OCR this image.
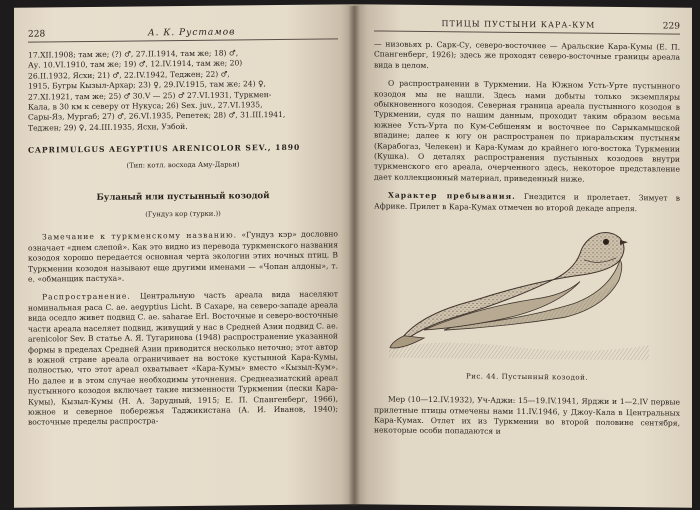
228	А. К. Рустамов

17.XII.1908; там же; (?) ♂, 27.II.1914, там же; 18) ♂,

Ау. 10.VI.1910, там же; 19) ♂, 12.IV.1914, там же; 20)

26.II.1932, Ясхи; 21) ♂, 22.IV.1942, Теджен; 22) ♂,

1915, Бугры Кызыл-Архар; 23) ♀, 29.IV.1915, там же; 24) ♀,

27.XI.1921, там же; 25) ♂ 30.V — 25) ♂ 27.VI.1931, Туркмен-

Кала, в 30 км к северу от Нукуса; 26) Sex. juv., 27.VI.1935,

Сары-Яз, Мургаб; 27) ♂, 26.VI.1935, Репетек; 28) ♂, 31.III.1941,

Теджен; 29) ♀, 24.III.1935, Ясхи, Узбой.

CAPRIMULGUS AEGYPTIUS ARENICOLOR SEV., 1890

(Тип: котл. восхода Аму-Дарьи)

Буланый или пустынный козодой

(Гундуз кор (турки.))

Замечание к туркменскому названию. «Гундуз кэр» дословно означает «днем слепой». Как это видно из перевода туркменского названия козодоя хорошо передается основная черта экологии этих ночных птиц. В Туркмении козодоя называют еще другими именами — «Чопан алдоны», т. е. «обманщик пастуха».

Распространение. Центральную часть ареала вида населяют номинальная раса C. ae. aegyptius Licht. В Сахаре, на северо-западе ареала вида оседло живет подвид C. ae. saharae Erl. Восточные и северо-восточные части ареала населяет подвид, живущий у нас в Средней Азии подвид C. ae. arenicolor Sev. В статье А. Я. Тугаринова (1948) распространение указанной формы в пределах Средней Азии приводится несколько неточно; этот автор в южной стране ареала ограничивает на востоке кустынной Кара-Кумы, полностью, что этот ареал охватывает «Кара-Кумы» вместо «Кызыл-Кум». Но далее и в этом случае необходимы уточнения. Среднеазиатский ареал пустынного козодоя включает такие низменности Туркмении (пески Кара-Кумы), Кызыл-Кумы (Н. А. Зарудный, 1915; Е. П. Спангенберг, 1966), южное и северное побережья Таджикистана (А. И. Иванов, 1940); восточные пределы распростра-

ПТИЦЫ ПУСТЫНИ КАРА-КУМ	229

— низовьях р. Сарк-Су, северо-восточнее — Аральские Кара-Кумы (Е. П. Спангенберг, 1926); здесь же проходят северо-восточные границы ареала вида в целом.

О распространении в Туркмении. На Южном Усть-Урте пустынного козодоя мы не нашли. Здесь нами добыты только экземпляры обыкновенного козодоя. Северная граница ареала пустынного козодоя в Туркмении, судя по нашим данным, проходит таким образом весьма южнее Усть-Урта по Кум-Себшеням и восточнее по Сарыкамышской впадине; далее к югу он распространен по приаральским пустыням (Карабогаз, Челекен) и Кара-Кумам до крайнего юго-востока Туркмении (Кушка). О деталях распространения пустынных козодоев внутри туркменского его ареала, очерченного здесь, некоторое представление дает коллекционный материал, приведенный ниже.

Характер пребывания. Гнездится и пролетает. Зимует в Африке. Прилет в Кара-Кумах отмечен во второй декаде апреля.

Рис. 44. Пустынный козодой.

Мер (10—12.IV.1932), Уч-Аджи: 15—19.IV.1941, Ярджи и 1—2.IV первые прилетные птицы отмечены нами 11.IV.1946, у Джоу-Кала в Центральных Кара-Кумах. Отлет их из Туркмении во второй половине сентября, некоторые особи попадаются и
